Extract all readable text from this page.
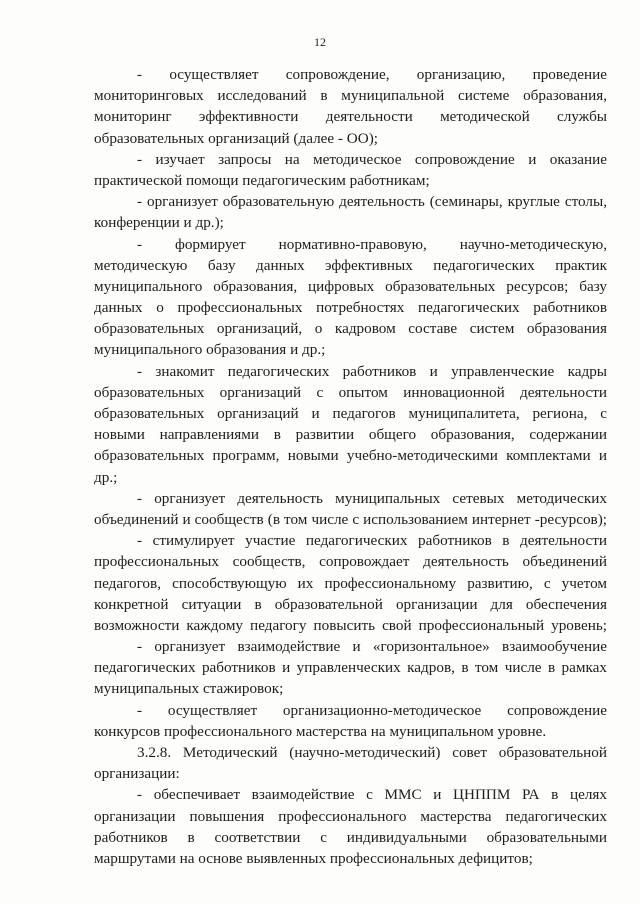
12
- осуществляет сопровождение, организацию, проведение
мониторинговых исследований в муниципальной системе образования,
мониторинг эффективности деятельности методической службы
образовательных организаций (далее - ОО);
- изучает запросы на методическое сопровождение и оказание
практической помощи педагогическим работникам;
- организует образовательную деятельность (семинары, круглые столы,
конференции и др.);
- формирует нормативно-правовую, научно-методическую,
методическую базу данных эффективных педагогических практик
муниципального образования, цифровых образовательных ресурсов; базу
данных о профессиональных потребностях педагогических работников
образовательных организаций, о кадровом составе систем образования
муниципального образования и др.;
- знакомит педагогических работников и управленческие кадры
образовательных организаций с опытом инновационной деятельности
образовательных организаций и педагогов муниципалитета, региона, с
новыми направлениями в развитии общего образования, содержании
образовательных программ, новыми учебно-методическими комплектами и
др.;
- организует деятельность муниципальных сетевых методических
объединений и сообществ (в том числе с использованием интернет -ресурсов);
- стимулирует участие педагогических работников в деятельности
профессиональных сообществ, сопровождает деятельность объединений
педагогов, способствующую их профессиональному развитию, с учетом
конкретной ситуации в образовательной организации для обеспечения
возможности каждому педагогу повысить свой профессиональный уровень;
- организует взаимодействие и «горизонтальное» взаимообучение
педагогических работников и управленческих кадров, в том числе в рамках
муниципальных стажировок;
- осуществляет организационно-методическое сопровождение
конкурсов профессионального мастерства на муниципальном уровне.
3.2.8. Методический (научно-методический) совет образовательной
организации:
- обеспечивает взаимодействие с ММС и ЦНППМ РА в целях
организации повышения профессионального мастерства педагогических
работников в соответствии с индивидуальными образовательными
маршрутами на основе выявленных профессиональных дефицитов;
